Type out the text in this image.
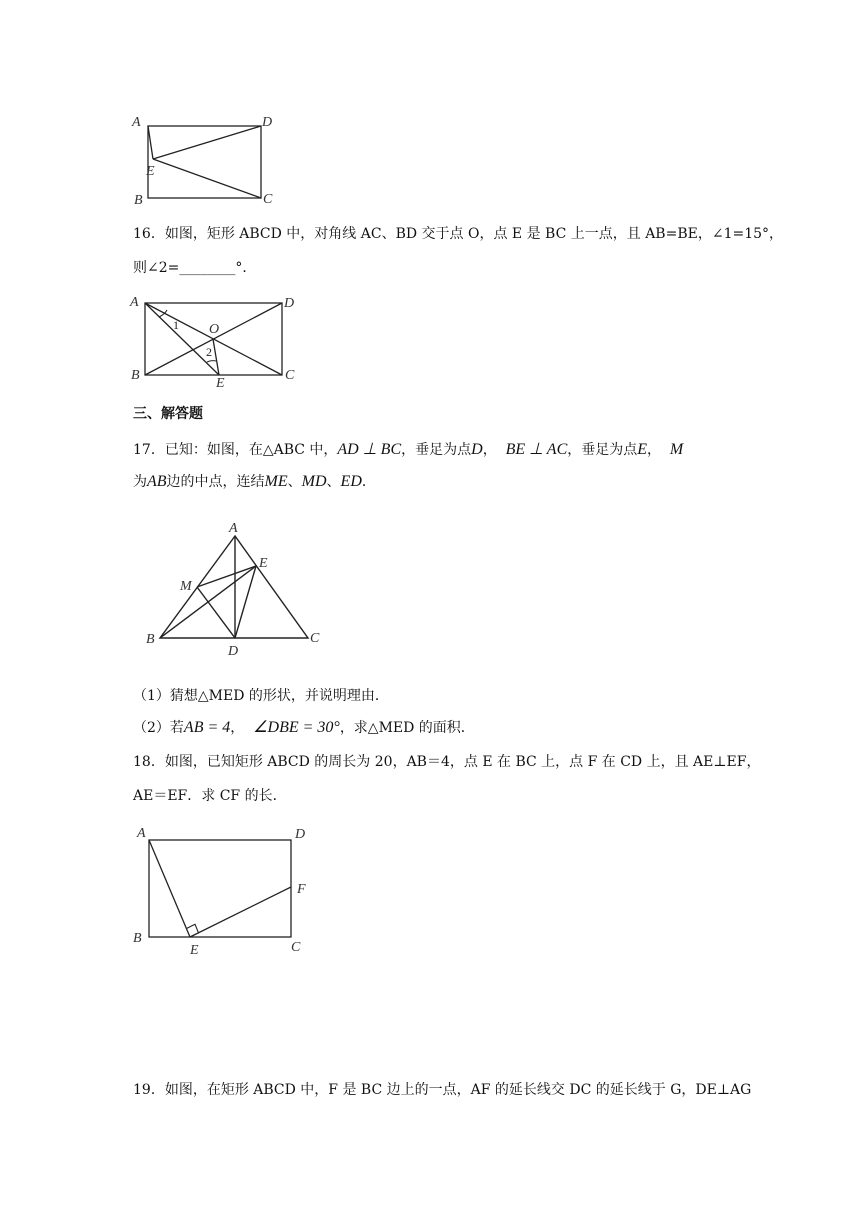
A	D
E
B	C
16．如图，矩形 ABCD 中，对角线 AC、BD 交于点 O，点 E 是 BC 上一点，且 AB=BE，∠1=15°，
则∠2=________°．
A	D
O
1
2
B
E
C
三、解答题
17．已知：如图，在△ABC 中，AD ⊥ BC，垂足为点D， BE ⊥ AC，垂足为点E， M
为AB边的中点，连结ME、MD、ED．
A
E
M
B
D
C
（1）猜想△MED 的形状，并说明理由．
（2）若AB = 4， ∠DBE = 30°，求△MED 的面积．
18．如图，已知矩形 ABCD 的周长为 20，AB＝4，点 E 在 BC 上，点 F 在 CD 上，且 AE⊥EF，
AE＝EF．求 CF 的长．
A	D
F
B
E	C
19．如图，在矩形 ABCD 中，F 是 BC 边上的一点，AF 的延长线交 DC 的延长线于 G，DE⊥AG
